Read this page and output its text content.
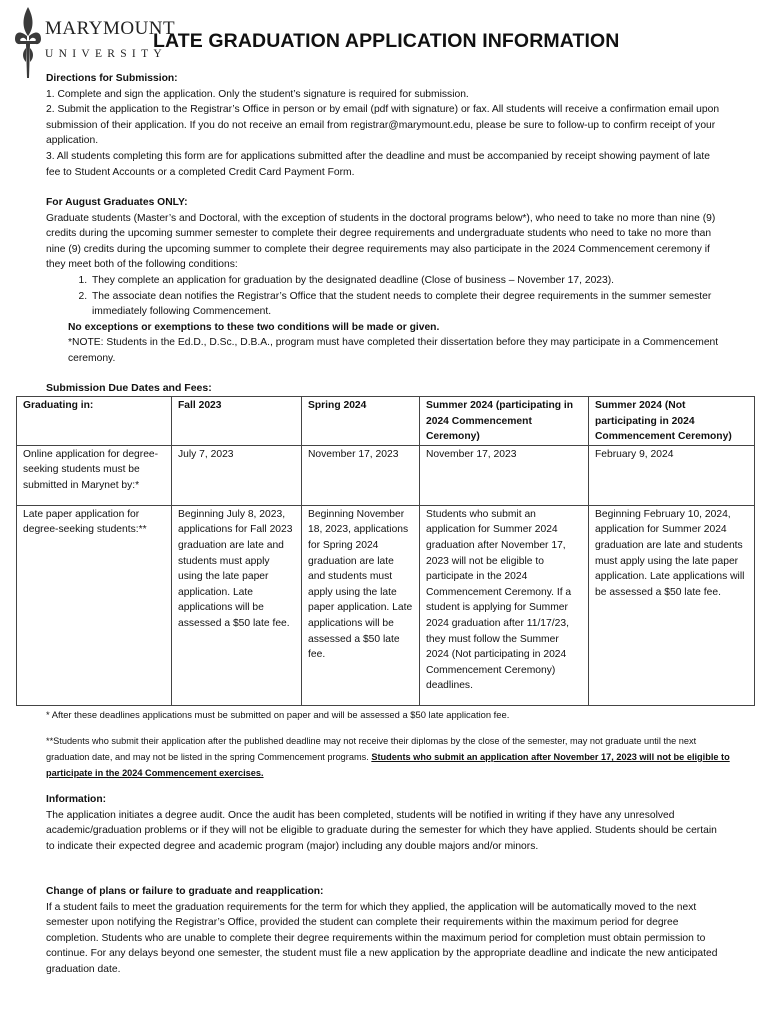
MARYMOUNT
UNIVERSITY
LATE GRADUATION APPLICATION INFORMATION

Directions for Submission:

1. Complete and sign the application. Only the student’s signature is required for submission.

2. Submit the application to the Registrar’s Office in person or by email (pdf with signature) or fax. All students will receive a confirmation email upon submission of their application. If you do not receive an email from registrar@marymount.edu, please be sure to follow-up to confirm receipt of your application.

3. All students completing this form are for applications submitted after the deadline and must be accompanied by receipt showing payment of late fee to Student Accounts or a completed Credit Card Payment Form.

For August Graduates ONLY:

Graduate students (Master’s and Doctoral, with the exception of students in the doctoral programs below*), who need to take no more than nine (9) credits during the upcoming summer semester to complete their degree requirements and undergraduate students who need to take no more than nine (9) credits during the upcoming summer to complete their degree requirements may also participate in the 2024 Commencement ceremony if they meet both of the following conditions:

1. They complete an application for graduation by the designated deadline (Close of business – November 17, 2023).
2. The associate dean notifies the Registrar’s Office that the student needs to complete their degree requirements in the summer semester immediately following Commencement.

No exceptions or exemptions to these two conditions will be made or given.

*NOTE: Students in the Ed.D., D.Sc., D.B.A., program must have completed their dissertation before they may participate in a Commencement ceremony.

Submission Due Dates and Fees:
Graduating in:	Fall 2023	Spring 2024	Summer 2024 (participating in 2024 Commencement Ceremony)	Summer 2024 (Not participating in 2024 Commencement Ceremony)
Online application for degree-seeking students must be submitted in Marynet by:*	July 7, 2023	November 17, 2023	November 17, 2023	February 9, 2024
Late paper application for degree-seeking students:**	Beginning July 8, 2023, applications for Fall 2023 graduation are late and students must apply using the late paper application. Late applications will be assessed a $50 late fee.	Beginning November 18, 2023, applications for Spring 2024 graduation are late and students must apply using the late paper application. Late applications will be assessed a $50 late fee.	Students who submit an application for Summer 2024 graduation after November 17, 2023 will not be eligible to participate in the 2024 Commencement Ceremony. If a student is applying for Summer 2024 graduation after 11/17/23, they must follow the Summer 2024 (Not participating in 2024 Commencement Ceremony) deadlines.	Beginning February 10, 2024, application for Summer 2024 graduation are late and students must apply using the late paper application. Late applications will be assessed a $50 late fee.
* After these deadlines applications must be submitted on paper and will be assessed a $50 late application fee.
**Students who submit their application after the published deadline may not receive their diplomas by the close of the semester, may not graduate until the next graduation date, and may not be listed in the spring Commencement programs. Students who submit an application after November 17, 2023 will not be eligible to participate in the 2024 Commencement exercises.

Information:

The application initiates a degree audit. Once the audit has been completed, students will be notified in writing if they have any unresolved academic/graduation problems or if they will not be eligible to graduate during the semester for which they have applied. Students should be certain to indicate their expected degree and academic program (major) including any double majors and/or minors.

Change of plans or failure to graduate and reapplication:

If a student fails to meet the graduation requirements for the term for which they applied, the application will be automatically moved to the next semester upon notifying the Registrar’s Office, provided the student can complete their requirements within the maximum period for degree completion. Students who are unable to complete their degree requirements within the maximum period for completion must obtain permission to continue. For any delays beyond one semester, the student must file a new application by the appropriate deadline and indicate the new anticipated graduation date.
